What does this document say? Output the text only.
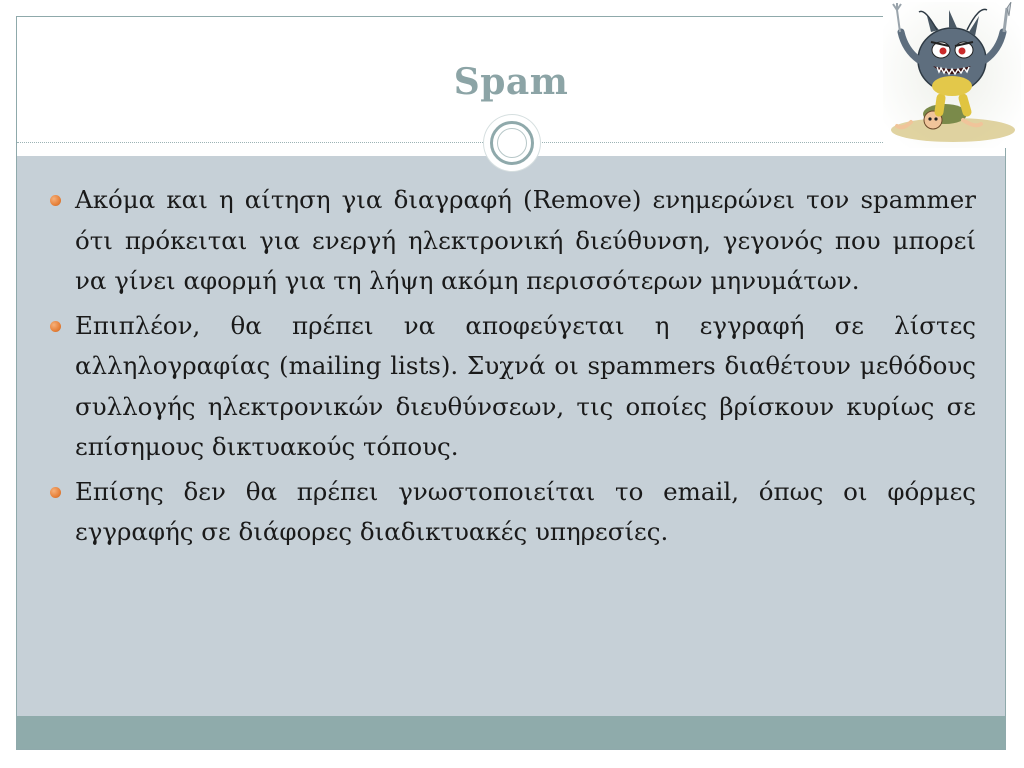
Spam
Ακόμα και η αίτηση για διαγραφή (Remove) ενημερώνει τον spammer ότι πρόκειται για ενεργή ηλεκτρονική διεύθυνση, γεγονός που μπορεί να γίνει αφορμή για τη λήψη ακόμη περισσότερων μηνυμάτων.
Επιπλέον, θα πρέπει να αποφεύγεται η εγγραφή σε λίστες αλληλογραφίας (mailing lists). Συχνά οι spammers διαθέτουν μεθόδους συλλογής ηλεκτρονικών διευθύνσεων, τις οποίες βρίσκουν κυρίως σε επίσημους δικτυακούς τόπους.
Επίσης δεν θα πρέπει γνωστοποιείται το email, όπως οι φόρμες εγγραφής σε διάφορες διαδικτυακές υπηρεσίες.
